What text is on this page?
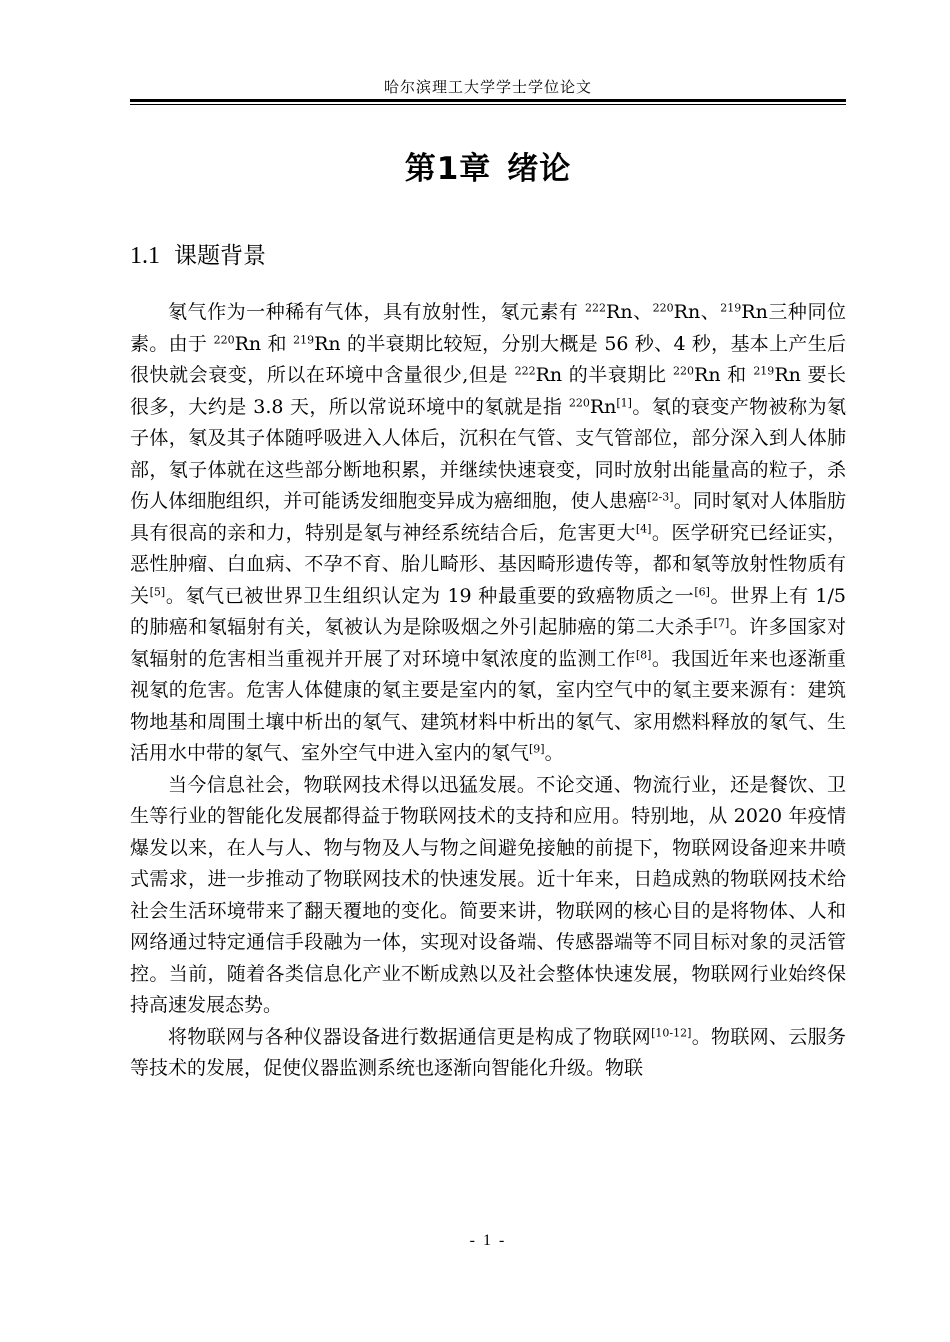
哈尔滨理工大学学士学位论文
第1章 绪论
1.1 课题背景

氡气作为一种稀有气体，具有放射性，氡元素有 $^{222}$Rn、$^{220}$Rn、$^{219}$Rn三种同位素。由于 $^{220}$Rn 和 $^{219}$Rn 的半衰期比较短，分别大概是 56 秒、4 秒，基本上产生后很快就会衰变，所以在环境中含量很少,但是 $^{222}$Rn 的半衰期比 $^{220}$Rn 和 $^{219}$Rn 要长很多，大约是 3.8 天，所以常说环境中的氡就是指 $^{220}$Rn[1]。氡的衰变产物被称为氡子体，氡及其子体随呼吸进入人体后，沉积在气管、支气管部位，部分深入到人体肺部，氡子体就在这些部分断地积累，并继续快速衰变，同时放射出能量高的粒子，杀伤人体细胞组织，并可能诱发细胞变异成为癌细胞，使人患癌[2-3]。同时氡对人体脂肪具有很高的亲和力，特别是氡与神经系统结合后，危害更大[4]。医学研究已经证实，恶性肿瘤、白血病、不孕不育、胎儿畸形、基因畸形遗传等，都和氡等放射性物质有关[5]。氡气已被世界卫生组织认定为 19 种最重要的致癌物质之一[6]。世界上有 1/5 的肺癌和氡辐射有关，氡被认为是除吸烟之外引起肺癌的第二大杀手[7]。许多国家对氡辐射的危害相当重视并开展了对环境中氡浓度的监测工作[8]。我国近年来也逐渐重视氡的危害。危害人体健康的氡主要是室内的氡，室内空气中的氡主要来源有：建筑物地基和周围土壤中析出的氡气、建筑材料中析出的氡气、家用燃料释放的氡气、生活用水中带的氡气、室外空气中进入室内的氡气[9]。

当今信息社会，物联网技术得以迅猛发展。不论交通、物流行业，还是餐饮、卫生等行业的智能化发展都得益于物联网技术的支持和应用。特别地，从 2020 年疫情爆发以来，在人与人、物与物及人与物之间避免接触的前提下，物联网设备迎来井喷式需求，进一步推动了物联网技术的快速发展。近十年来，日趋成熟的物联网技术给社会生活环境带来了翻天覆地的变化。简要来讲，物联网的核心目的是将物体、人和网络通过特定通信手段融为一体，实现对设备端、传感器端等不同目标对象的灵活管控。当前，随着各类信息化产业不断成熟以及社会整体快速发展，物联网行业始终保持高速发展态势。

将物联网与各种仪器设备进行数据通信更是构成了物联网[10-12]。物联网、云服务等技术的发展，促使仪器监测系统也逐渐向智能化升级。物联

- 1 -
